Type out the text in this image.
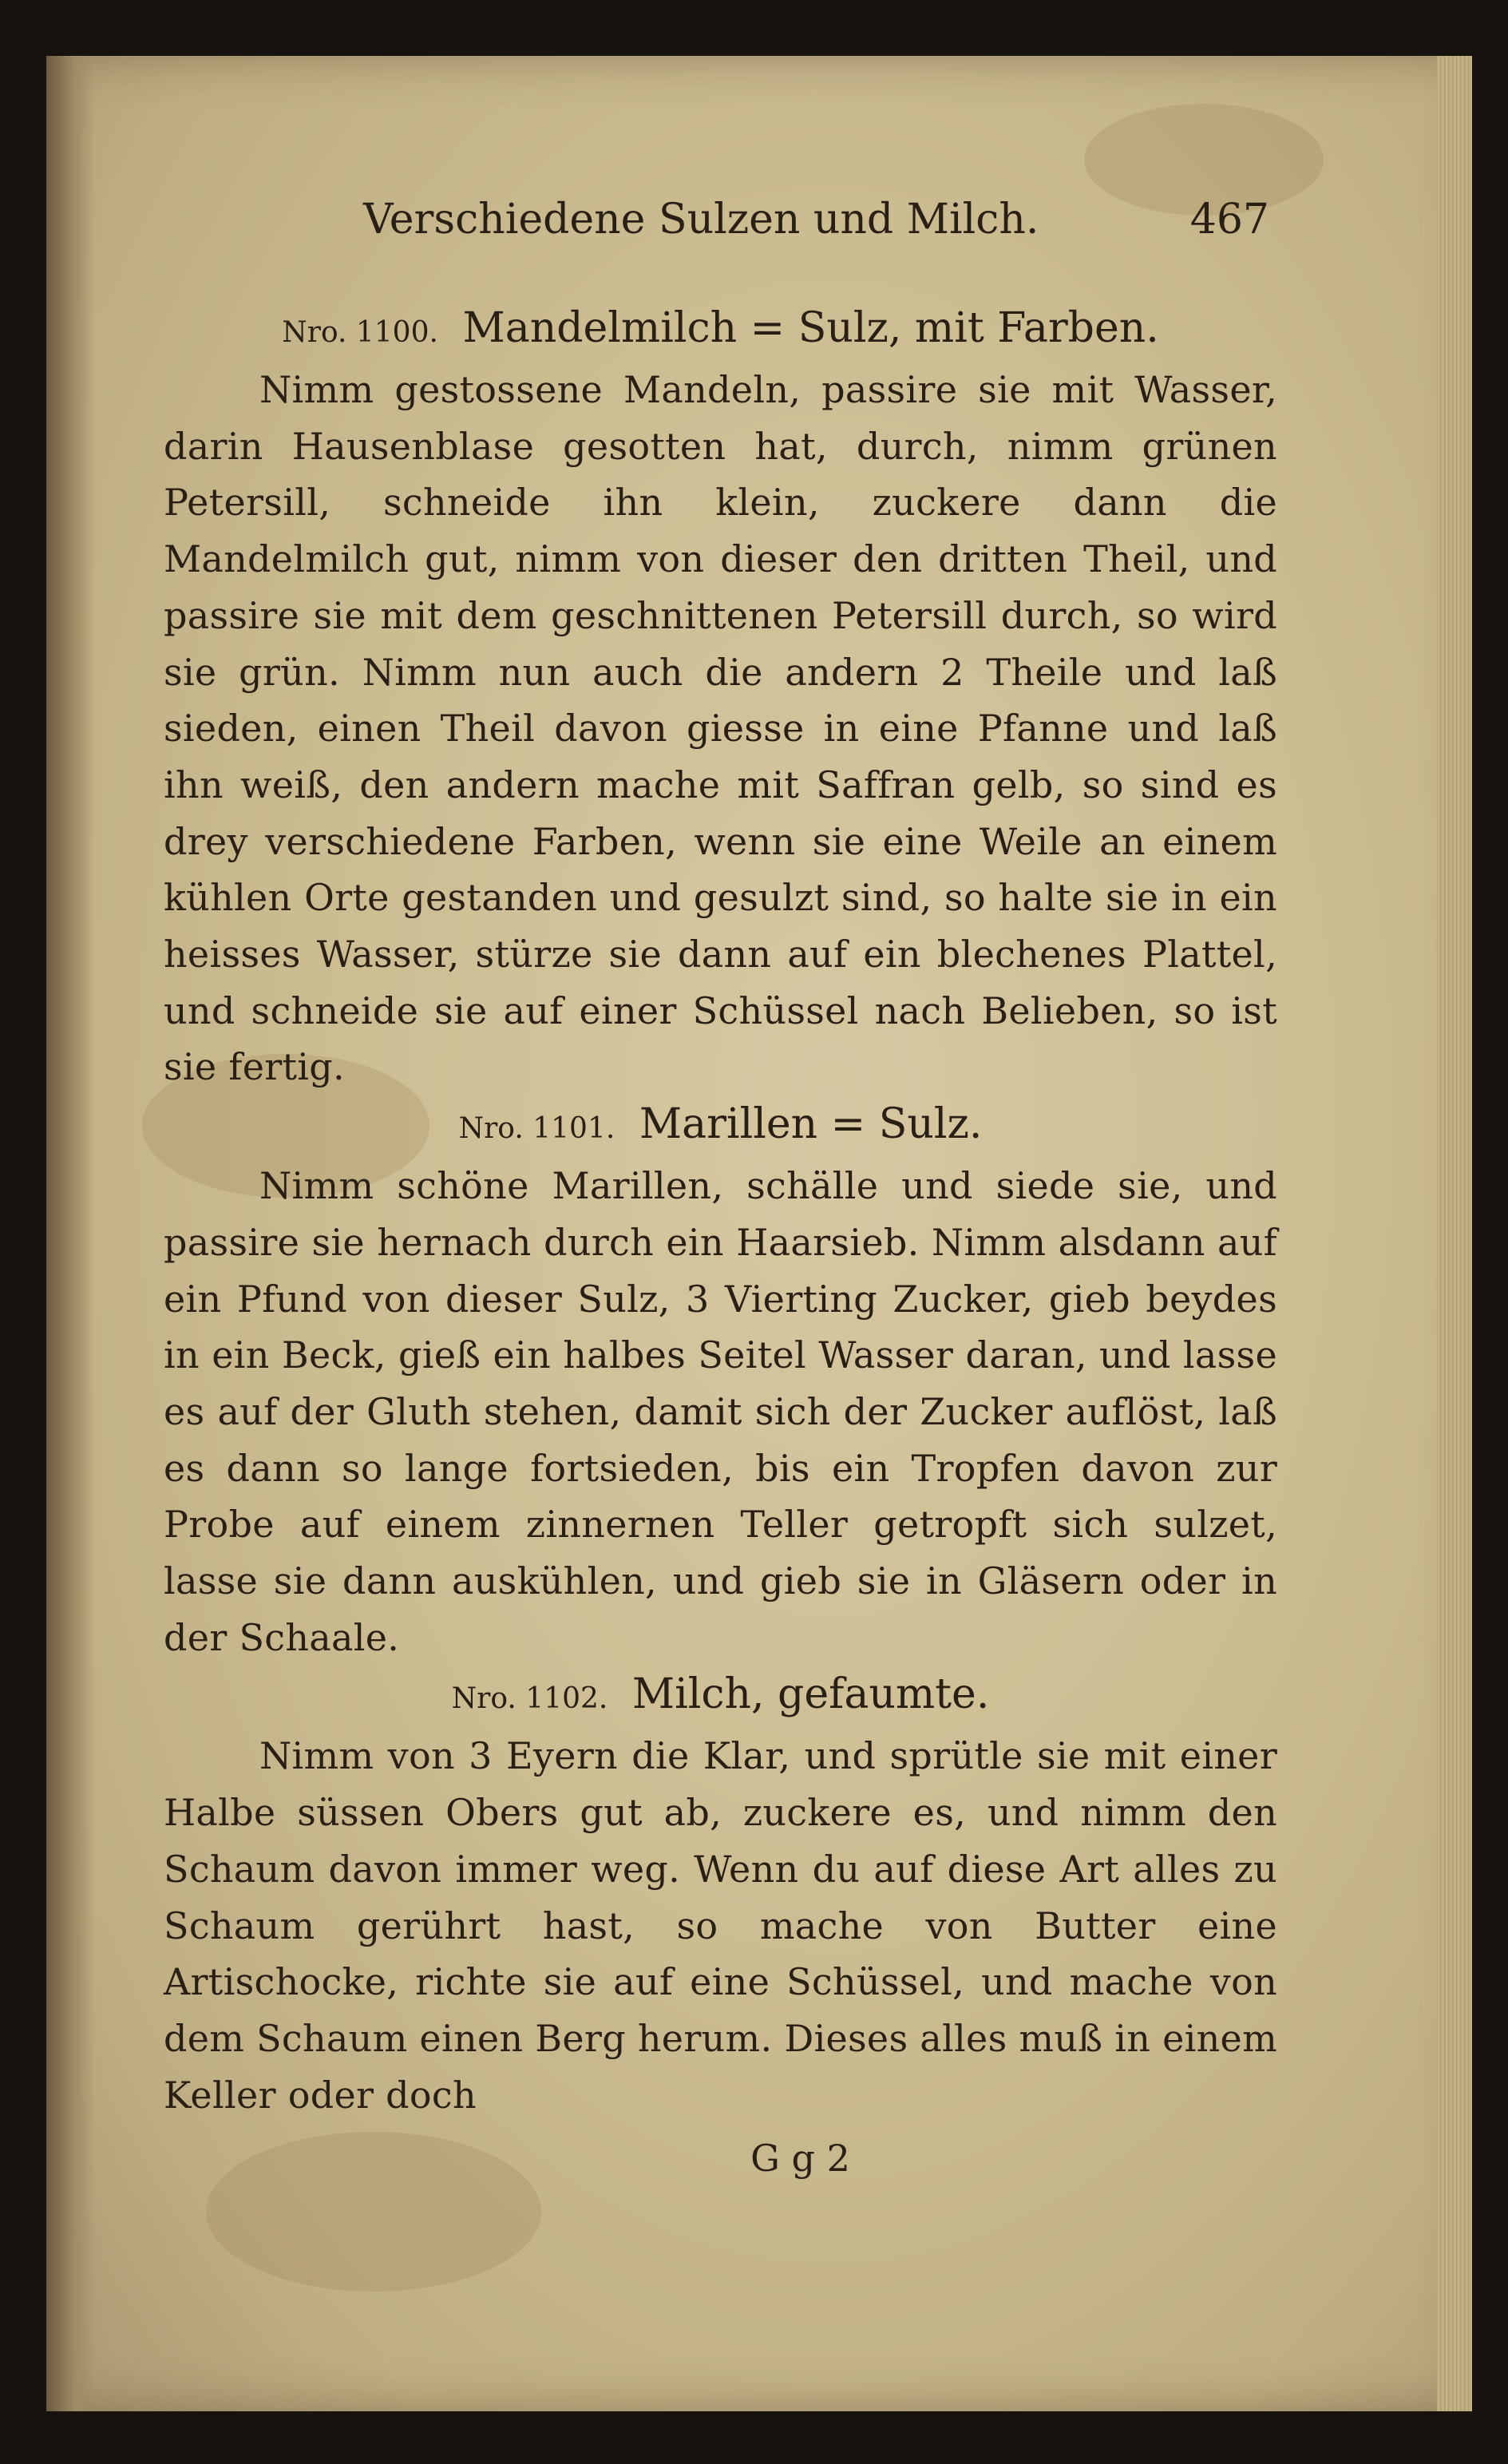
Verschiedene Sulzen und Milch.	467
Nro. 1100. Mandelmilch = Sulz, mit Farben.

Nimm gestossene Mandeln, passire sie mit Wasser, darin Hausenblase gesotten hat, durch, nimm grünen Petersill, schneide ihn klein, zuckere dann die Mandelmilch gut, nimm von dieser den dritten Theil, und passire sie mit dem geschnittenen Petersill durch, so wird sie grün. Nimm nun auch die andern 2 Theile und laß sieden, einen Theil davon giesse in eine Pfanne und laß ihn weiß, den andern mache mit Saffran gelb, so sind es drey verschiedene Farben, wenn sie eine Weile an einem kühlen Orte gestanden und gesulzt sind, so halte sie in ein heisses Wasser, stürze sie dann auf ein blechenes Plattel, und schneide sie auf einer Schüssel nach Belieben, so ist sie fertig.

Nro. 1101. Marillen = Sulz.

Nimm schöne Marillen, schälle und siede sie, und passire sie hernach durch ein Haarsieb. Nimm alsdann auf ein Pfund von dieser Sulz, 3 Vierting Zucker, gieb beydes in ein Beck, gieß ein halbes Seitel Wasser daran, und lasse es auf der Gluth stehen, damit sich der Zucker auflöst, laß es dann so lange fortsieden, bis ein Tropfen davon zur Probe auf einem zinnernen Teller getropft sich sulzet, lasse sie dann auskühlen, und gieb sie in Gläsern oder in der Schaale.

Nro. 1102. Milch, gefaumte.

Nimm von 3 Eyern die Klar, und sprütle sie mit einer Halbe süssen Obers gut ab, zuckere es, und nimm den Schaum davon immer weg. Wenn du auf diese Art alles zu Schaum gerührt hast, so mache von Butter eine Artischocke, richte sie auf eine Schüssel, und mache von dem Schaum einen Berg herum. Dieses alles muß in einem Keller oder doch

G g 2
